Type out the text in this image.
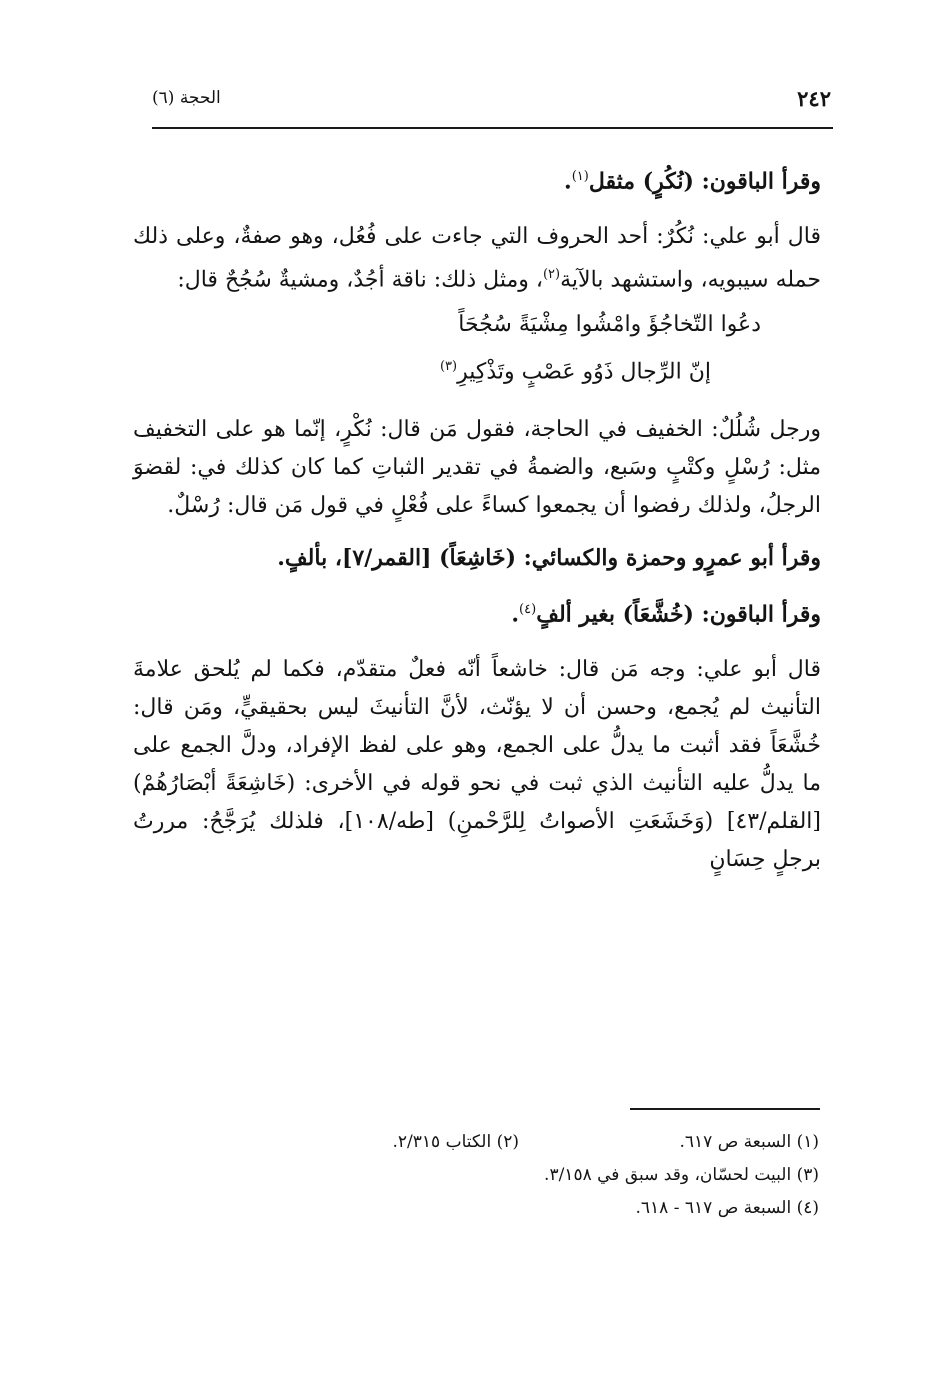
٢٤٢
الحجة (٦)

وقرأ الباقون: (نُكُرٍ) مثقل$^{(١)}$.

قال أبو علي: نُكُرٌ: أحد الحروف التي جاءت على فُعُل، وهو صفةٌ، وعلى ذلك حمله سيبويه، واستشهد بالآية$^{(٢)}$، ومثل ذلك: ناقة أجُدٌ، ومشيةٌ سُجُحٌ قال:

دعُوا التّخاجُؤَ وامْشُوا مِشْيَةً سُجُحَاً
إنّ الرِّجال ذَوُو عَصْبٍ وتَذْكِيرِ$^{(٣)}$

ورجل شُلُلٌ: الخفيف في الحاجة، فقول مَن قال: نُكْرٍ، إنّما هو على التخفيف مثل: رُسْلٍ وكتْبٍ وسَبع، والضمةُ في تقدير الثباتِ كما كان كذلك في: لقضوَ الرجلُ، ولذلك رفضوا أن يجمعوا كساءً على فُعْلٍ في قول مَن قال: رُسْلٌ.

وقرأ أبو عمرٍو وحمزة والكسائي: (خَاشِعَاً) [القمر/٧]، بألفٍ.

وقرأ الباقون: (خُشَّعَاً) بغير ألفٍ$^{(٤)}$.

قال أبو علي: وجه مَن قال: خاشعاً أنّه فعلٌ متقدّم، فكما لم يُلحق علامةَ التأنيث لم يُجمع، وحسن أن لا يؤنّث، لأنَّ التأنيثَ ليس بحقيقيٍّ، ومَن قال: خُشَّعَاً فقد أثبت ما يدلُّ على الجمع، وهو على لفظ الإفراد، ودلَّ الجمع على ما يدلُّ عليه التأنيث الذي ثبت في نحو قوله في الأخرى: (خَاشِعَةً أبْصَارُهُمْ) [القلم/٤٣] (وَخَشَعَتِ الأصواتُ لِلرَّحْمنِ) [طه/١٠٨]، فلذلك يُرَجَّحُ: مررتُ برجلٍ حِسَانٍ

(١) السبعة ص ٦١٧.
(٢) الكتاب ٢/٣١٥.
(٣) البيت لحسّان، وقد سبق في ٣/١٥٨.
(٤) السبعة ص ٦١٧ - ٦١٨.
